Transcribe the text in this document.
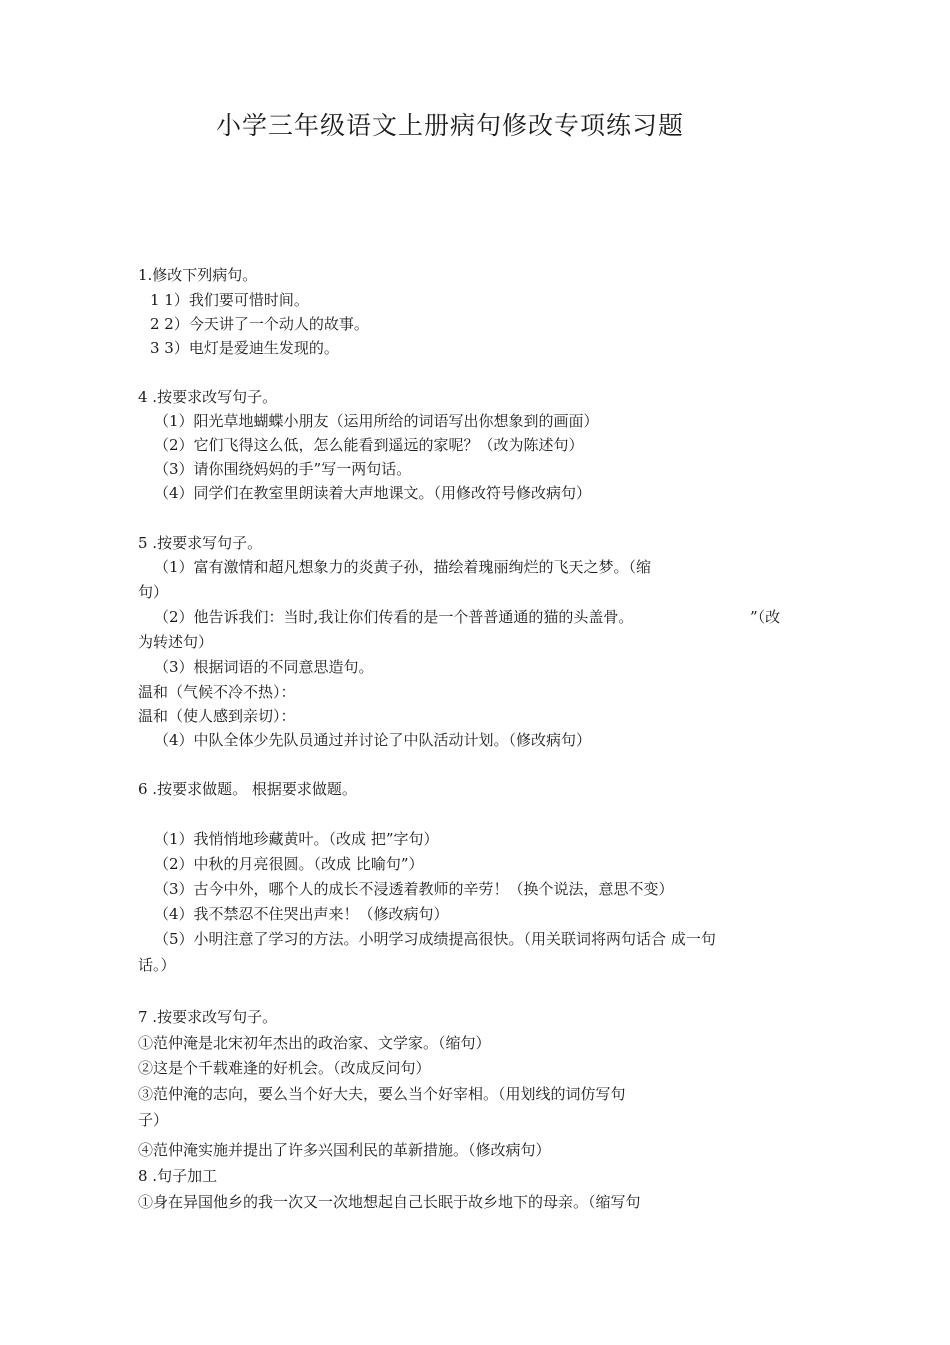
小学三年级语文上册病句修改专项练习题
1.修改下列病句。
1 1）我们要可惜时间。
2 2）今天讲了一个动人的故事。
3 3）电灯是爱迪生发现的。
4 .按要求改写句子。
（1）阳光草地蝴蝶小朋友（运用所给的词语写出你想象到的画面）
（2）它们飞得这么低，怎么能看到遥远的家呢？（改为陈述句）
（3）请你围绕妈妈的手”写一两句话。
（4）同学们在教室里朗读着大声地课文。（用修改符号修改病句）
5 .按要求写句子。
（1）富有激情和超凡想象力的炎黄子孙，描绘着瑰丽绚烂的飞天之梦。（缩
句）
（2）他告诉我们：当时,我让你们传看的是一个普普通通的猫的头盖骨。	”（改
为转述句）
（3）根据词语的不同意思造句。
温和（气候不冷不热）：
温和（使人感到亲切）：
（4）中队全体少先队员通过并讨论了中队活动计划。（修改病句）
6 .按要求做题。 根据要求做题。
（1）我悄悄地珍藏黄叶。（改成 把”字句）
（2）中秋的月亮很圆。（改成 比喻句”）
（3）古今中外，哪个人的成长不浸透着教师的辛劳！（换个说法，意思不变）
（4）我不禁忍不住哭出声来！（修改病句）
（5）小明注意了学习的方法。小明学习成绩提高很快。（用关联词将两句话合 成一句
话。）
7 .按要求改写句子。
①范仲淹是北宋初年杰出的政治家、文学家。（缩句）
②这是个千载难逢的好机会。（改成反问句）
③范仲淹的志向，要么当个好大夫，要么当个好宰相。（用划线的词仿写句
子）
④范仲淹实施并提出了许多兴国利民的革新措施。（修改病句）
8 .句子加工
①身在异国他乡的我一次又一次地想起自己长眠于故乡地下的母亲。（缩写句
